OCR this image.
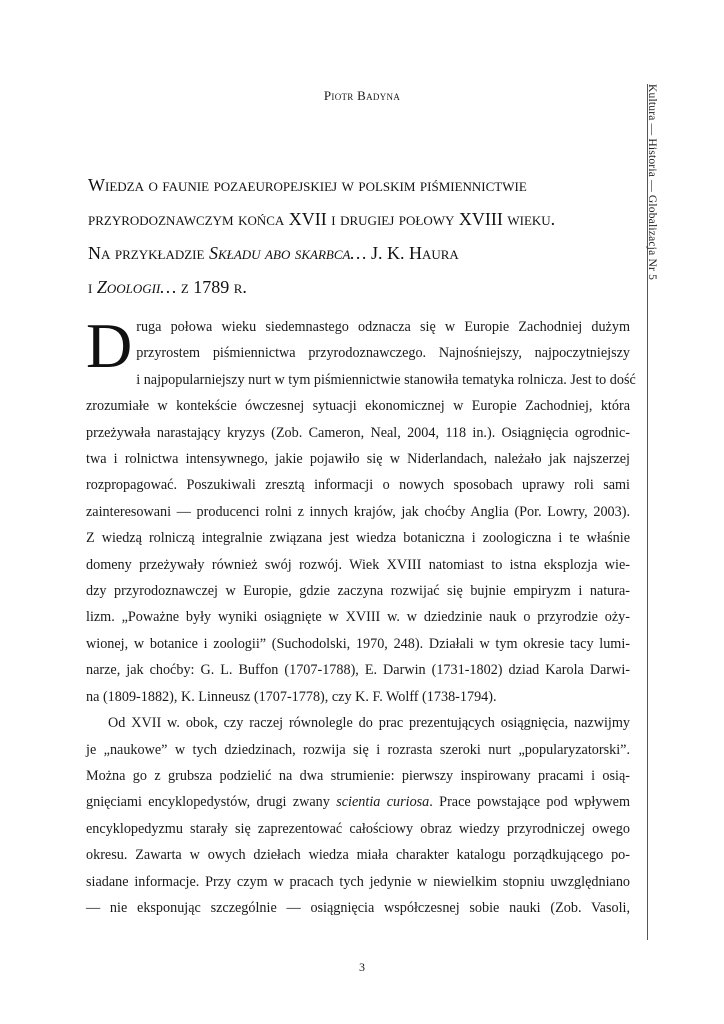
Piotr Badyna
Wiedza o faunie pozaeuropejskiej w polskim piśmiennictwie
przyrodoznawczym końca XVII i drugiej połowy XVIII wieku.
Na przykładzie Składu abo skarbca… J. K. Haura
i Zoologii… z 1789 r.
Kultura — Historia — Globalizacja Nr 5

D ruga połowa wieku siedemnastego odznacza się w Europie Zachodniej dużym
przyrostem piśmiennictwa przyrodoznawczego. Najnośniejszy, najpoczytniejszy
i najpopularniejszy nurt w tym piśmiennictwie stanowiła tematyka rolnicza. Jest to dość
zrozumiałe w kontekście ówczesnej sytuacji ekonomicznej w Europie Zachodniej, która
przeżywała narastający kryzys (Zob. Cameron, Neal, 2004, 118 in.). Osiągnięcia ogrodnic-
twa i rolnictwa intensywnego, jakie pojawiło się w Niderlandach, należało jak najszerzej
rozpropagować. Poszukiwali zresztą informacji o nowych sposobach uprawy roli sami
zainteresowani — producenci rolni z innych krajów, jak choćby Anglia (Por. Lowry, 2003).
Z wiedzą rolniczą integralnie związana jest wiedza botaniczna i zoologiczna i te właśnie
domeny przeżywały również swój rozwój. Wiek XVIII natomiast to istna eksplozja wie-
dzy przyrodoznawczej w Europie, gdzie zaczyna rozwijać się bujnie empiryzm i natura-
lizm. „Poważne były wyniki osiągnięte w XVIII w. w dziedzinie nauk o przyrodzie oży-
wionej, w botanice i zoologii” (Suchodolski, 1970, 248). Działali w tym okresie tacy lumi-
narze, jak choćby: G. L. Buffon (1707-1788), E. Darwin (1731-1802) dziad Karola Darwi-
na (1809-1882), K. Linneusz (1707-1778), czy K. F. Wolff (1738-1794).

Od XVII w. obok, czy raczej równolegle do prac prezentujących osiągnięcia, nazwijmy
je „naukowe” w tych dziedzinach, rozwija się i rozrasta szeroki nurt „popularyzatorski”.
Można go z grubsza podzielić na dwa strumienie: pierwszy inspirowany pracami i osią-
gnięciami encyklopedystów, drugi zwany scientia curiosa. Prace powstające pod wpływem
encyklopedyzmu starały się zaprezentować całościowy obraz wiedzy przyrodniczej owego
okresu. Zawarta w owych dziełach wiedza miała charakter katalogu porządkującego po-
siadane informacje. Przy czym w pracach tych jedynie w niewielkim stopniu uwzględniano
— nie eksponując szczególnie — osiągnięcia współczesnej sobie nauki (Zob. Vasoli,

3
